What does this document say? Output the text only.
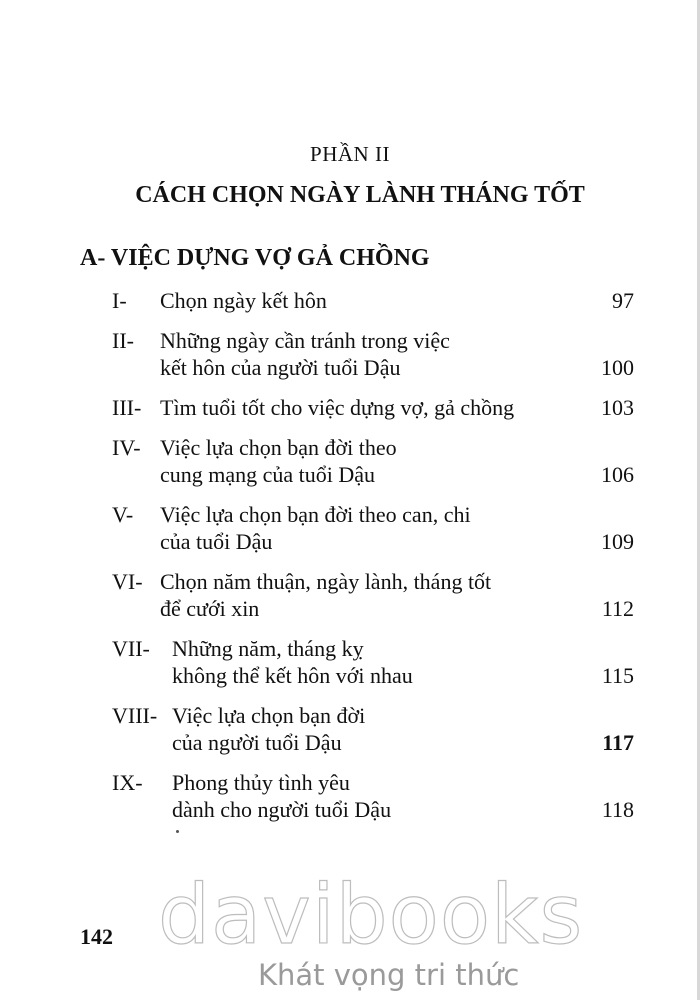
PHẦN II
CÁCH CHỌN NGÀY LÀNH THÁNG TỐT
A- VIỆC DỰNG VỢ GẢ CHỒNG
I- Chọn ngày kết hôn	97
II- Những ngày cần tránh trong việc
kết hôn của người tuổi Dậu	100
III- Tìm tuổi tốt cho việc dựng vợ, gả chồng	103
IV- Việc lựa chọn bạn đời theo
cung mạng của tuổi Dậu	106
V- Việc lựa chọn bạn đời theo can, chi
của tuổi Dậu	109
VI- Chọn năm thuận, ngày lành, tháng tốt
để cưới xin	112
VII- Những năm, tháng kỵ
không thể kết hôn với nhau	115
VIII- Việc lựa chọn bạn đời
của người tuổi Dậu	117
IX- Phong thủy tình yêu
dành cho người tuổi Dậu	118
142 davibooks
Khát vọng tri thức
